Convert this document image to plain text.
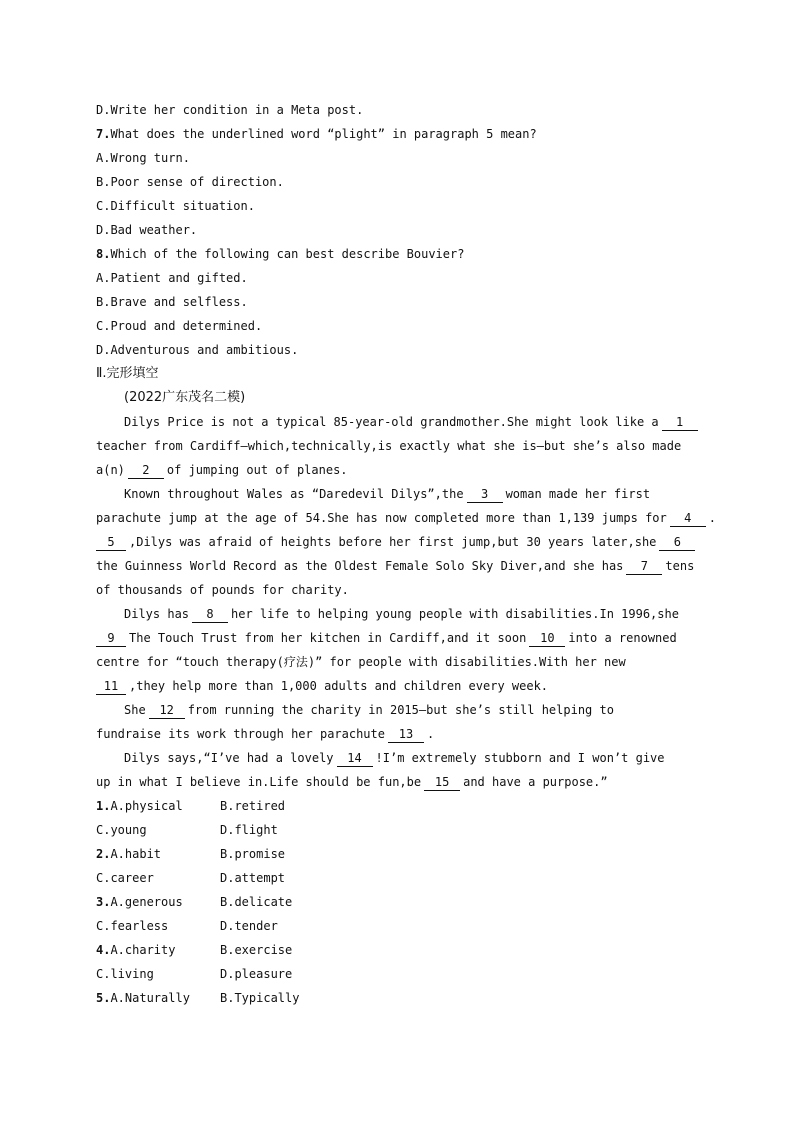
D.Write her condition in a Meta post.
7.What does the underlined word “plight” in paragraph 5 mean?
A.Wrong turn.
B.Poor sense of direction.
C.Difficult situation.
D.Bad weather.
8.Which of the following can best describe Bouvier?
A.Patient and gifted.
B.Brave and selfless.
C.Proud and determined.
D.Adventurous and ambitious.
Ⅱ.完形填空
(2022广东茂名二模)
Dilys Price is not a typical 85-year-old grandmother.She might look like a 1
teacher from Cardiff—which,technically,is exactly what she is—but she’s also made
a(n) 2 of jumping out of planes.
Known throughout Wales as “Daredevil Dilys”,the 3 woman made her first
parachute jump at the age of 54.She has now completed more than 1,139 jumps for 4 .
5 ,Dilys was afraid of heights before her first jump,but 30 years later,she 6
the Guinness World Record as the Oldest Female Solo Sky Diver,and she has 7 tens
of thousands of pounds for charity.
Dilys has 8 her life to helping young people with disabilities.In 1996,she
9 The Touch Trust from her kitchen in Cardiff,and it soon 10 into a renowned
centre for “touch therapy(疗法)” for people with disabilities.With her new
11 ,they help more than 1,000 adults and children every week.
She 12 from running the charity in 2015—but she’s still helping to
fundraise its work through her parachute 13 .
Dilys says,“I’ve had a lovely 14 !I’m extremely stubborn and I won’t give
up in what I believe in.Life should be fun,be 15 and have a purpose.”
1.A.physical	B.retired
C.young	D.flight
2.A.habit	B.promise
C.career	D.attempt
3.A.generous	B.delicate
C.fearless	D.tender
4.A.charity	B.exercise
C.living	D.pleasure
5.A.Naturally	B.Typically
